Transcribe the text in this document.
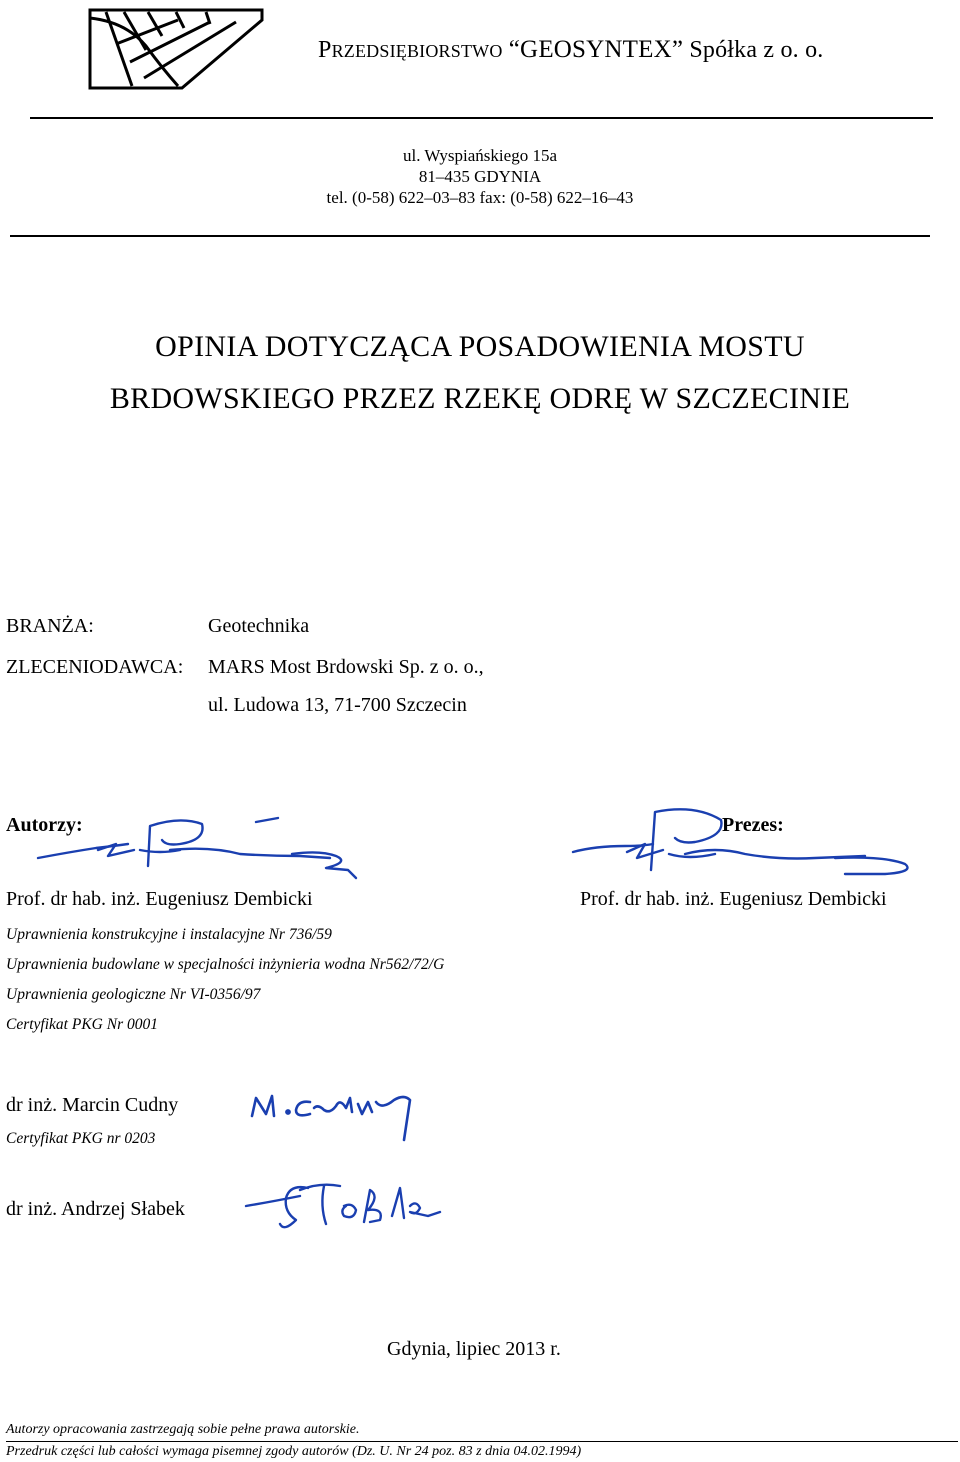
PRZEDSIĘBIORSTWO “GEOSYNTEX” Spółka z o. o.
ul. Wyspiańskiego 15a
81–435 GDYNIA
tel. (0-58) 622–03–83 fax: (0-58) 622–16–43
OPINIA DOTYCZĄCA POSADOWIENIA MOSTU
BRDOWSKIEGO PRZEZ RZEKĘ ODRĘ W SZCZECINIE
BRANŻA:	Geotechnika
ZLECENIODAWCA: MARS Most Brdowski Sp. z o. o.,
ul. Ludowa 13, 71-700 Szczecin
Autorzy:	Prezes:
Prof. dr hab. inż. Eugeniusz Dembicki	Prof. dr hab. inż. Eugeniusz Dembicki
Uprawnienia konstrukcyjne i instalacyjne Nr 736/59
Uprawnienia budowlane w specjalności inżynieria wodna Nr562/72/G
Uprawnienia geologiczne Nr VI-0356/97
Certyfikat PKG Nr 0001
dr inż. Marcin Cudny
Certyfikat PKG nr 0203
dr inż. Andrzej Słabek
Gdynia, lipiec 2013 r.
Autorzy opracowania zastrzegają sobie pełne prawa autorskie.
Przedruk części lub całości wymaga pisemnej zgody autorów (Dz. U. Nr 24 poz. 83 z dnia 04.02.1994)
